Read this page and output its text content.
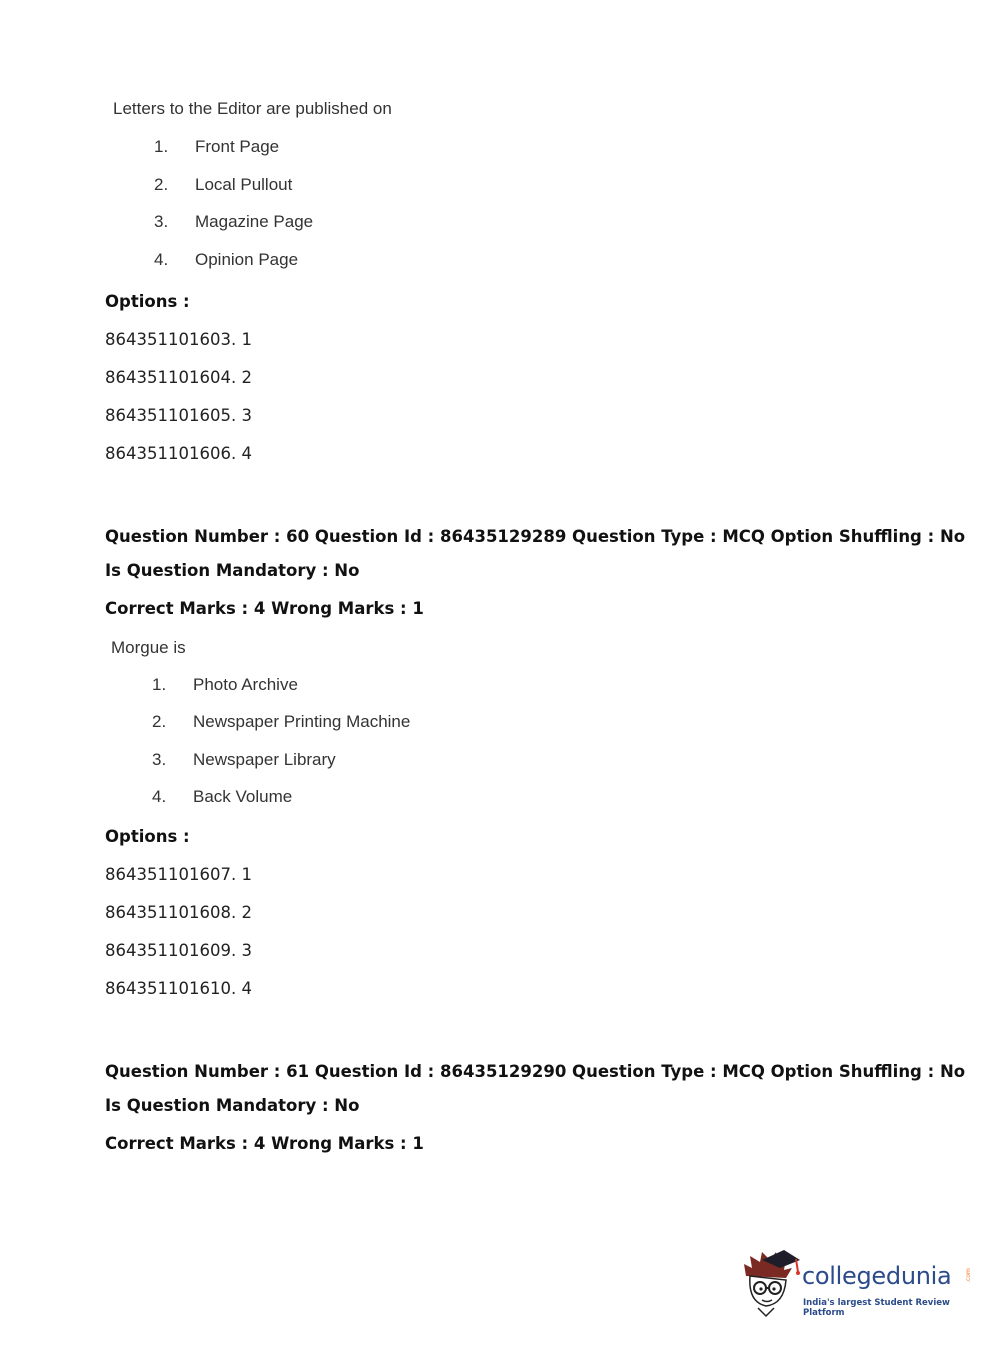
Letters to the Editor are published on
1. Front Page
2. Local Pullout
3. Magazine Page
4. Opinion Page
Options :
864351101603. 1
864351101604. 2
864351101605. 3
864351101606. 4
Question Number : 60 Question Id : 86435129289 Question Type : MCQ Option Shuffling : No
Is Question Mandatory : No
Correct Marks : 4 Wrong Marks : 1
Morgue is
1. Photo Archive
2. Newspaper Printing Machine
3. Newspaper Library
4. Back Volume
Options :
864351101607. 1
864351101608. 2
864351101609. 3
864351101610. 4
Question Number : 61 Question Id : 86435129290 Question Type : MCQ Option Shuffling : No
Is Question Mandatory : No
Correct Marks : 4 Wrong Marks : 1
collegedunia .com
India's largest Student Review Platform
